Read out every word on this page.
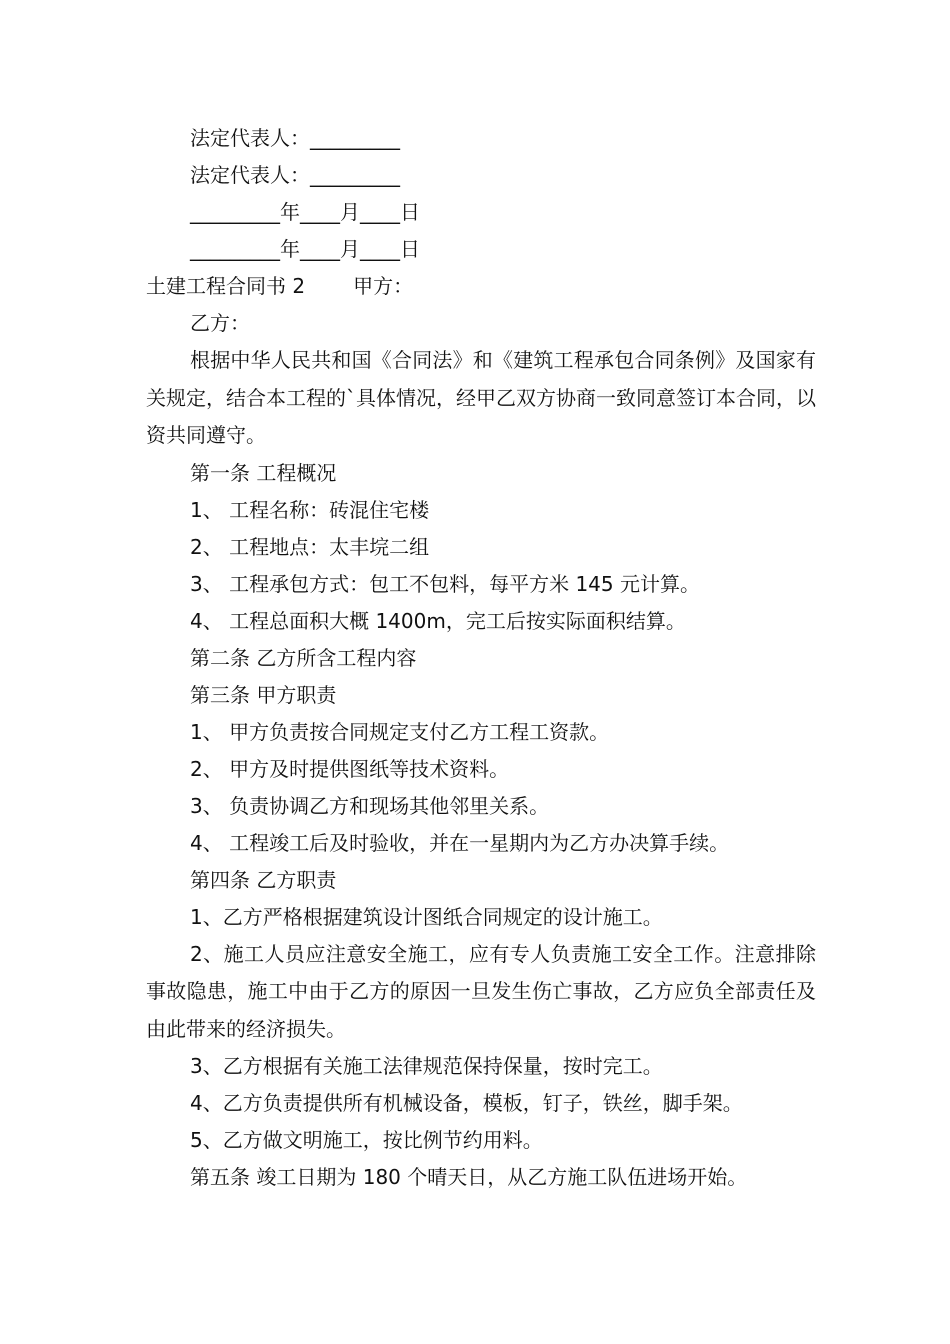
法定代表人：_________
法定代表人：_________
_________年____月____日
_________年____月____日
土建工程合同书 2 甲方：
乙方：

根据中华人民共和国《合同法》和《建筑工程承包合同条例》及国家有关规定，结合本工程的`具体情况，经甲乙双方协商一致同意签订本合同，以资共同遵守。

第一条 工程概况
1、 工程名称：砖混住宅楼
2、 工程地点：太丰垸二组
3、 工程承包方式：包工不包料，每平方米 145 元计算。
4、 工程总面积大概 1400m，完工后按实际面积结算。
第二条 乙方所含工程内容
第三条 甲方职责
1、 甲方负责按合同规定支付乙方工程工资款。
2、 甲方及时提供图纸等技术资料。
3、 负责协调乙方和现场其他邻里关系。
4、 工程竣工后及时验收，并在一星期内为乙方办决算手续。
第四条 乙方职责
1、乙方严格根据建筑设计图纸合同规定的设计施工。

2、施工人员应注意安全施工，应有专人负责施工安全工作。注意排除事故隐患，施工中由于乙方的原因一旦发生伤亡事故，乙方应负全部责任及由此带来的经济损失。

3、乙方根据有关施工法律规范保持保量，按时完工。
4、乙方负责提供所有机械设备，模板，钉子，铁丝，脚手架。
5、乙方做文明施工，按比例节约用料。
第五条 竣工日期为 180 个晴天日，从乙方施工队伍进场开始。
